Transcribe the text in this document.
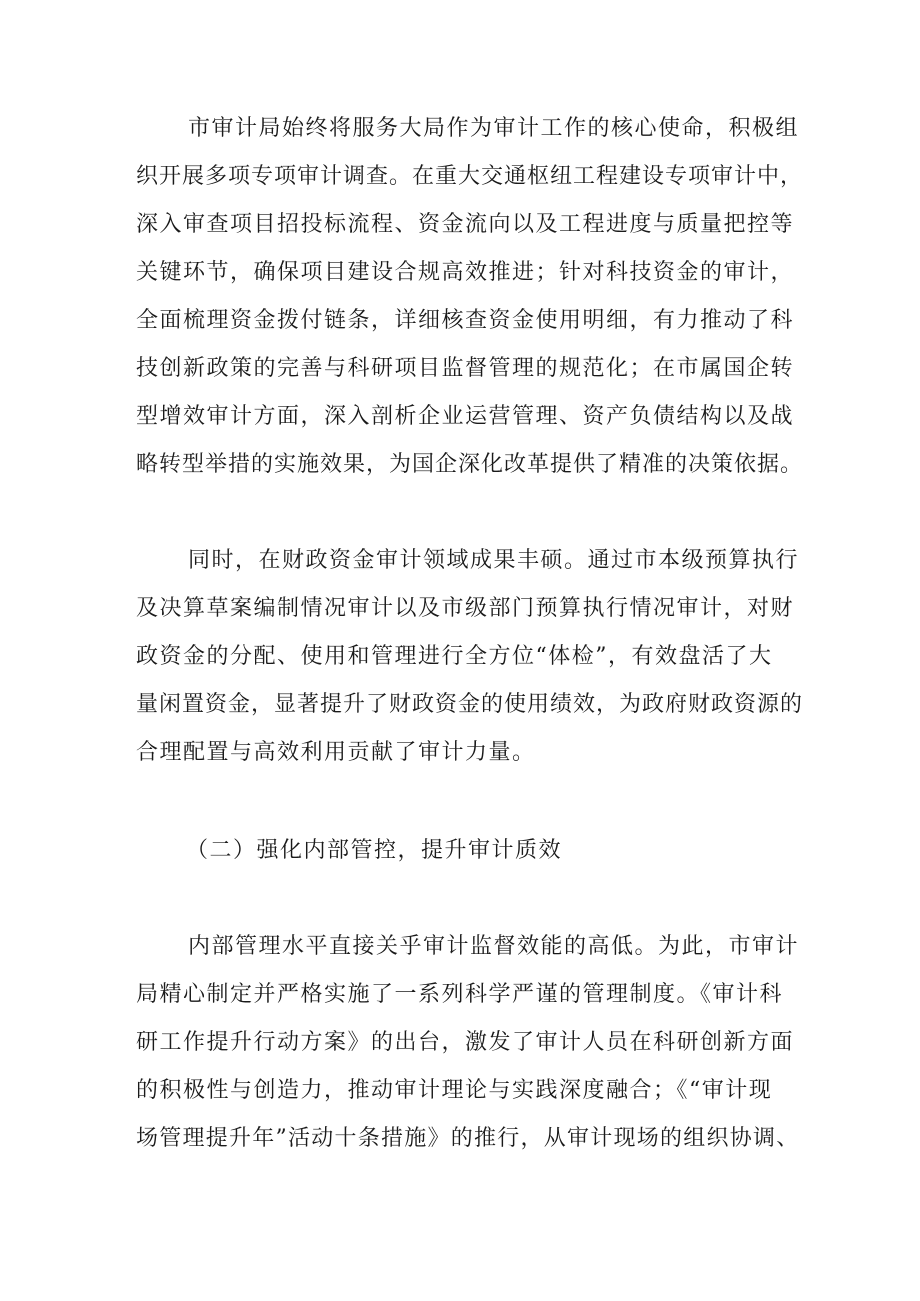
市审计局始终将服务大局作为审计工作的核心使命，积极组
织开展多项专项审计调查。在重大交通枢纽工程建设专项审计中，
深入审查项目招投标流程、资金流向以及工程进度与质量把控等
关键环节，确保项目建设合规高效推进；针对科技资金的审计，
全面梳理资金拨付链条，详细核查资金使用明细，有力推动了科
技创新政策的完善与科研项目监督管理的规范化；在市属国企转
型增效审计方面，深入剖析企业运营管理、资产负债结构以及战
略转型举措的实施效果，为国企深化改革提供了精准的决策依据。
同时，在财政资金审计领域成果丰硕。通过市本级预算执行
及决算草案编制情况审计以及市级部门预算执行情况审计，对财
政资金的分配、使用和管理进行全方位“体检”，有效盘活了大
量闲置资金，显著提升了财政资金的使用绩效，为政府财政资源的
合理配置与高效利用贡献了审计力量。
（二）强化内部管控，提升审计质效
内部管理水平直接关乎审计监督效能的高低。为此，市审计
局精心制定并严格实施了一系列科学严谨的管理制度。《审计科
研工作提升行动方案》的出台，激发了审计人员在科研创新方面
的积极性与创造力，推动审计理论与实践深度融合；《“审计现
场管理提升年”活动十条措施》的推行，从审计现场的组织协调、
